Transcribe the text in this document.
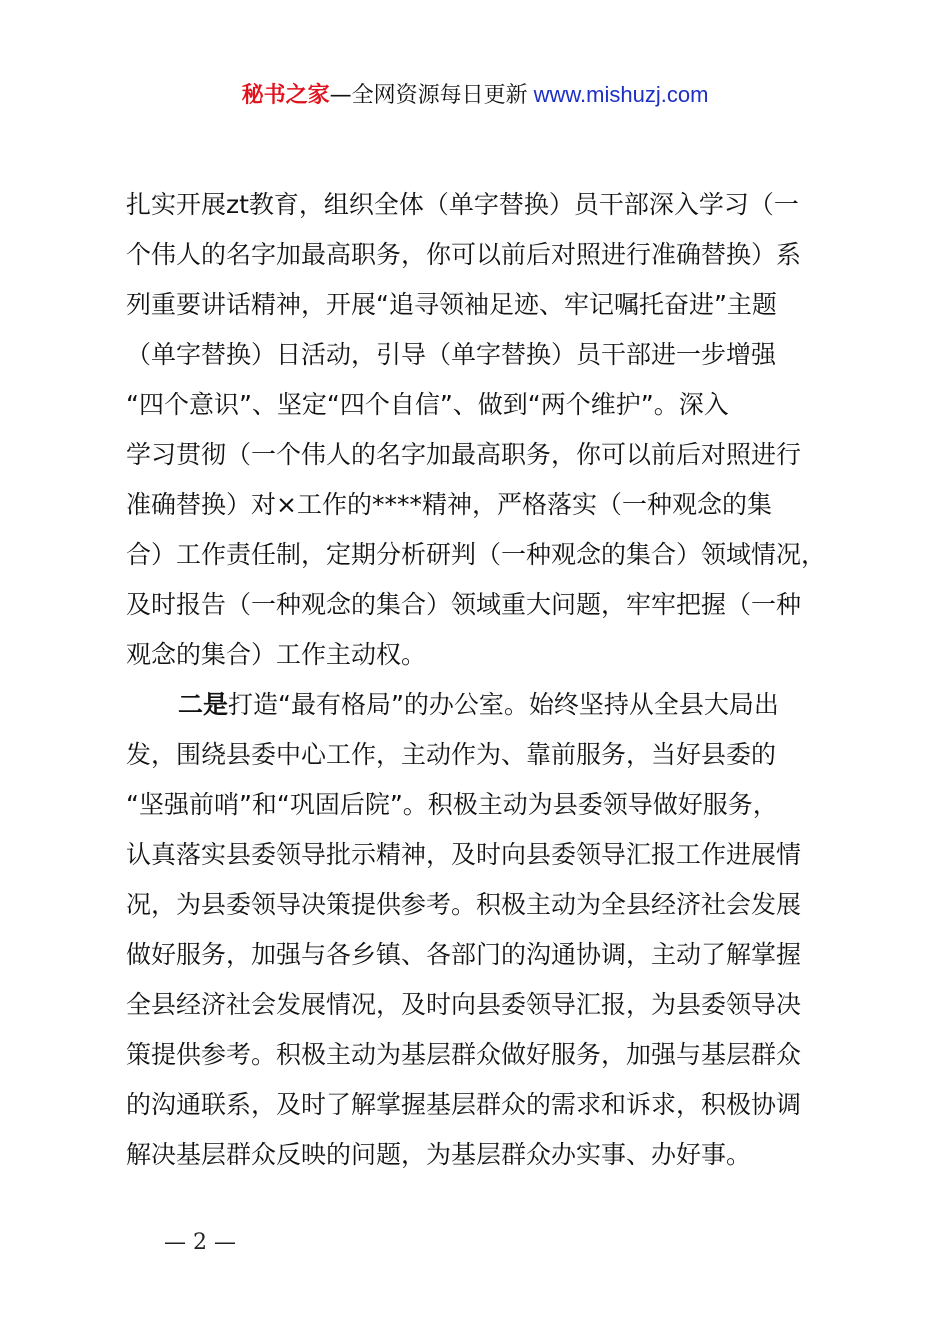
秘书之家—全网资源每日更新 www.mishuzj.com
扎实开展zt教育，组织全体（单字替换）员干部深入学习（一
个伟人的名字加最高职务，你可以前后对照进行准确替换）系
列重要讲话精神，开展“追寻领袖足迹、牢记嘱托奋进”主题
（单字替换）日活动，引导（单字替换）员干部进一步增强
“四个意识”、坚定“四个自信”、做到“两个维护”。深入
学习贯彻（一个伟人的名字加最高职务，你可以前后对照进行
准确替换）对×工作的****精神，严格落实（一种观念的集
合）工作责任制，定期分析研判（一种观念的集合）领域情况，
及时报告（一种观念的集合）领域重大问题，牢牢把握（一种
观念的集合）工作主动权。
二是打造“最有格局”的办公室。始终坚持从全县大局出
发，围绕县委中心工作，主动作为、靠前服务，当好县委的
“坚强前哨”和“巩固后院”。积极主动为县委领导做好服务，
认真落实县委领导批示精神，及时向县委领导汇报工作进展情
况，为县委领导决策提供参考。积极主动为全县经济社会发展
做好服务，加强与各乡镇、各部门的沟通协调，主动了解掌握
全县经济社会发展情况，及时向县委领导汇报，为县委领导决
策提供参考。积极主动为基层群众做好服务，加强与基层群众
的沟通联系，及时了解掌握基层群众的需求和诉求，积极协调
解决基层群众反映的问题，为基层群众办实事、办好事。
— 2 —
